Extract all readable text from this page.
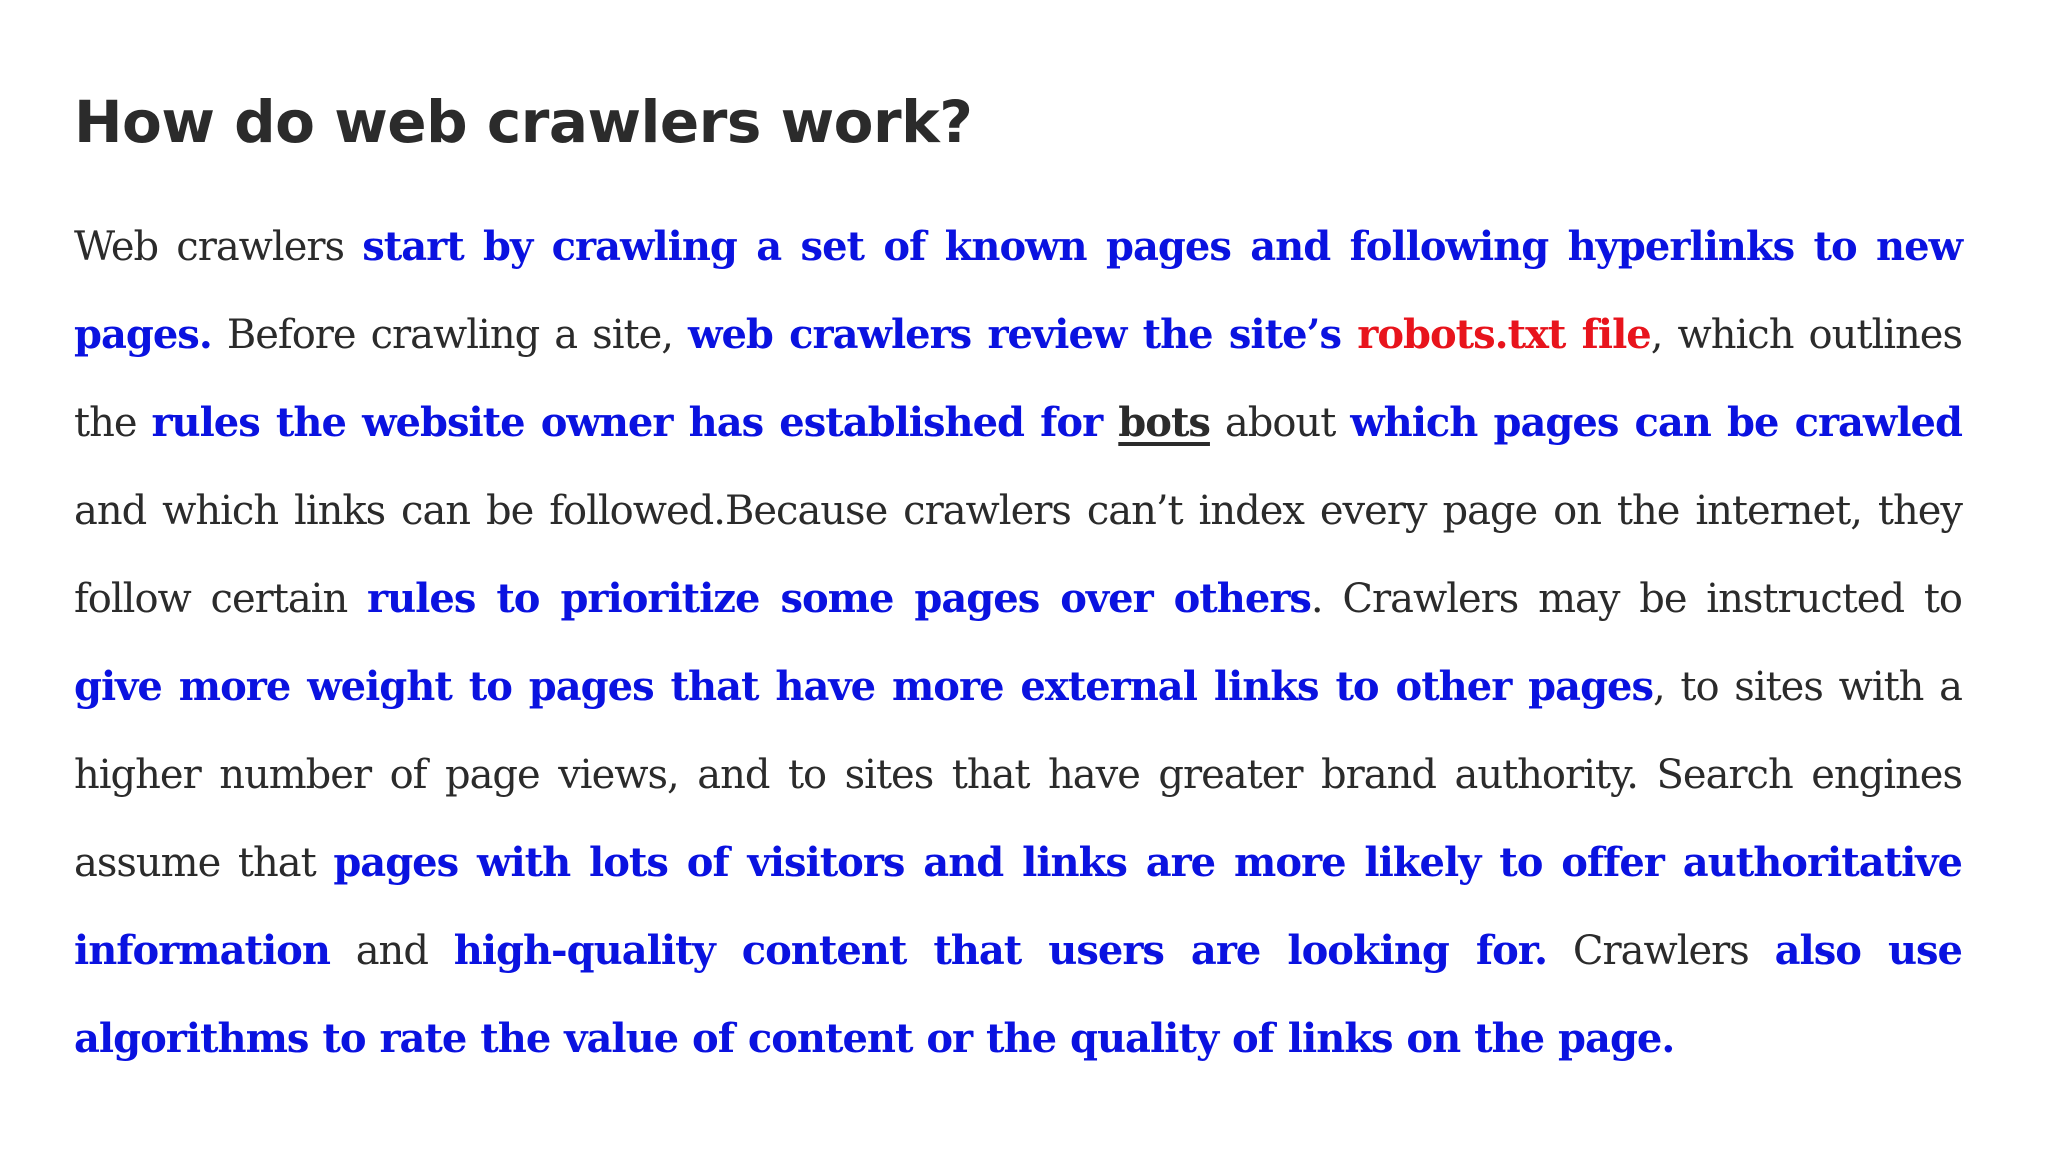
How do web crawlers work?

Web crawlers start by crawling a set of known pages and following hyperlinks to new pages. Before crawling a site, web crawlers review the site’s robots.txt file, which outlines the rules the website owner has established for bots about which pages can be crawled and which links can be followed.Because crawlers can’t index every page on the internet, they follow certain rules to prioritize some pages over others. Crawlers may be instructed to give more weight to pages that have more external links to other pages, to sites with a higher number of page views, and to sites that have greater brand authority. Search engines assume that pages with lots of visitors and links are more likely to offer authoritative information and high-quality content that users are looking for. Crawlers also use algorithms to rate the value of content or the quality of links on the page.
